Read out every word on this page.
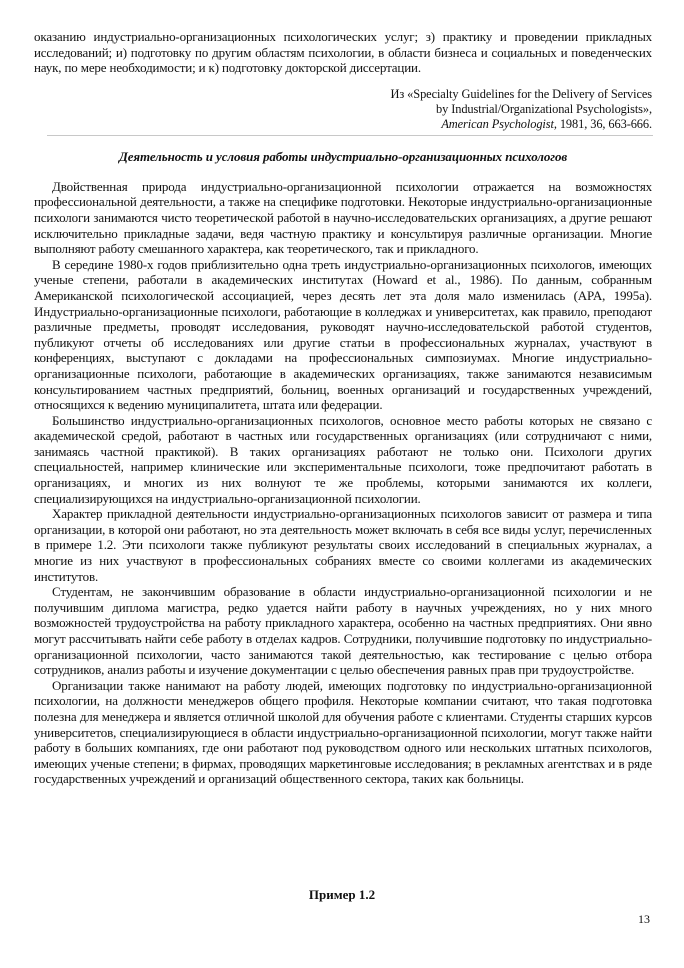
оказанию индустриально-организационных психологических услуг; з) практику и проведении прикладных исследований; и) подготовку по другим областям психологии, в области бизнеса и социальных и поведенческих наук, по мере необходимости; и к) подготовку докторской диссертации.

Из «Specialty Guidelines for the Delivery of Services
by Industrial/Organizational Psychologists»,
American Psychologist, 1981, 36, 663-666.
Деятельность и условия работы индустриально-организационных психологов

Двойственная природа индустриально-организационной психологии отражается на возможностях профессиональной деятельности, а также на специфике подготовки. Некоторые индустриально-организационные психологи занимаются чисто теоретической работой в научно-исследовательских организациях, а другие решают исключительно прикладные задачи, ведя частную практику и консультируя различные организации. Многие выполняют работу смешанного характера, как теоретического, так и прикладного.

В середине 1980-х годов приблизительно одна треть индустриально-организационных психологов, имеющих ученые степени, работали в академических институтах (Howard et al., 1986). По данным, собранным Американской психологической ассоциацией, через десять лет эта доля мало изменилась (APA, 1995a). Индустриально-организационные психологи, работающие в колледжах и университетах, как правило, преподают различные предметы, проводят исследования, руководят научно-исследовательской работой студентов, публикуют отчеты об исследованиях или другие статьи в профессиональных журналах, участвуют в конференциях, выступают с докладами на профессиональных симпозиумах. Многие индустриально-организационные психологи, работающие в академических организациях, также занимаются независимым консультированием частных предприятий, больниц, военных организаций и государственных учреждений, относящихся к ведению муниципалитета, штата или федерации.

Большинство индустриально-организационных психологов, основное место работы которых не связано с академической средой, работают в частных или государственных организациях (или сотрудничают с ними, занимаясь частной практикой). В таких организациях работают не только они. Психологи других специальностей, например клинические или экспериментальные психологи, тоже предпочитают работать в организациях, и многих из них волнуют те же проблемы, которыми занимаются их коллеги, специализирующихся на индустриально-организационной психологии.

Характер прикладной деятельности индустриально-организационных психологов зависит от размера и типа организации, в которой они работают, но эта деятельность может включать в себя все виды услуг, перечисленных в примере 1.2. Эти психологи также публикуют результаты своих исследований в специальных журналах, а многие из них участвуют в профессиональных собраниях вместе со своими коллегами из академических институтов.

Студентам, не закончившим образование в области индустриально-организационной психологии и не получившим диплома магистра, редко удается найти работу в научных учреждениях, но у них много возможностей трудоустройства на работу прикладного характера, особенно на частных предприятиях. Они явно могут рассчитывать найти себе работу в отделах кадров. Сотрудники, получившие подготовку по индустриально-организационной психологии, часто занимаются такой деятельностью, как тестирование с целью отбора сотрудников, анализ работы и изучение документации с целью обеспечения равных прав при трудоустройстве.

Организации также нанимают на работу людей, имеющих подготовку по индустриально-организационной психологии, на должности менеджеров общего профиля. Некоторые компании считают, что такая подготовка полезна для менеджера и является отличной школой для обучения работе с клиентами. Студенты старших курсов университетов, специализирующиеся в области индустриально-организационной психологии, могут также найти работу в больших компаниях, где они работают под руководством одного или нескольких штатных психологов, имеющих ученые степени; в фирмах, проводящих маркетинговые исследования; в рекламных агентствах и в ряде государственных учреждений и организаций общественного сектора, таких как больницы.

Пример 1.2
13
